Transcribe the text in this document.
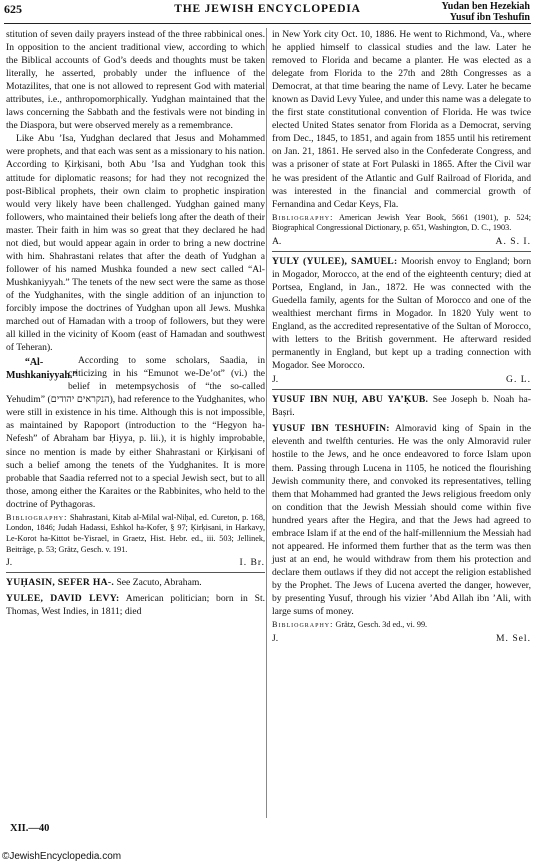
625	THE JEWISH ENCYCLOPEDIA	Yudan ben Hezekiah
Yusuf ibn Teshufin

stitution of seven daily prayers instead of the three rabbinical ones. In opposition to the ancient traditional view, according to which the Biblical accounts of God’s deeds and thoughts must be taken literally, he asserted, probably under the influence of the Motazilites, that one is not allowed to represent God with material attributes, i.e., anthropomorphically. Yudghan maintained that the laws concerning the Sabbath and the festivals were not binding in the Diaspora, but were observed merely as a remembrance.

Like Abu ’Isa, Yudghan declared that Jesus and Mohammed were prophets, and that each was sent as a missionary to his nation. According to Ḳirḳisani, both Abu ’Isa and Yudghan took this attitude for diplomatic reasons; for had they not recognized the post-Biblical prophets, their own claim to prophetic inspiration would very likely have been challenged. Yudghan gained many followers, who maintained their beliefs long after the death of their master. Their faith in him was so great that they declared he had not died, but would appear again in order to bring a new doctrine with him. Shahrastani relates that after the death of Yudghan a follower of his named Mushka founded a new sect called “Al-Mushkaniyyah.” The tenets of the new sect were the same as those of the Yudghanites, with the single addition of an injunction to forcibly impose the doctrines of Yudghan upon all Jews. Mushka marched out of Hamadan with a troop of followers, but they were all killed in the vicinity of Koom (east of Hamadan and southwest of Teheran).

“Al-Mushkaniyyah.”

According to some scholars, Saadia, in criticizing in his “Emunot we-De’ot” (vi.) the belief in metempsychosis of “the so-called Yehudim” (הנקראים יהודים), had reference to the Yudghanites, who were still in existence in his time. Although this is not impossible, as maintained by Rapoport (introduction to the “Hegyon ha-Nefesh” of Abraham bar Ḥiyya, p. lii.), it is highly improbable, since no mention is made by either Shahrastani or Ḳirḳisani of such a belief among the tenets of the Yudghanites. It is more probable that Saadia referred not to a special Jewish sect, but to all those, among either the Karaites or the Rabbinites, who held to the doctrine of Pythagoras.

Bibliography: Shahrastani, Kitab al-Milal wal-Niḥal, ed. Cureton, p. 168, London, 1846; Judah Hadassi, Eshkol ha-Kofer, § 97; Ḳirḳisani, in Harkavy, Le-Korot ha-Kittot be-Yisrael, in Graetz, Hist. Hebr. ed., iii. 503; Jellinek, Beiträge, p. 53; Grätz, Gesch. v. 191.

J.	I. Br.

YUḤASIN, SEFER HA-. See Zacuto, Abraham.

YULEE, DAVID LEVY: American politician; born in St. Thomas, West Indies, in 1811; died

in New York city Oct. 10, 1886. He went to Richmond, Va., where he applied himself to classical studies and the law. Later he removed to Florida and became a planter. He was elected as a delegate from Florida to the 27th and 28th Congresses as a Democrat, at that time bearing the name of Levy. Later he became known as David Levy Yulee, and under this name was a delegate to the first state constitutional convention of Florida. He was twice elected United States senator from Florida as a Democrat, serving from Dec., 1845, to 1851, and again from 1855 until his retirement on Jan. 21, 1861. He served also in the Confederate Congress, and was a prisoner of state at Fort Pulaski in 1865. After the Civil war he was president of the Atlantic and Gulf Railroad of Florida, and was interested in the financial and commercial growth of Fernandina and Cedar Keys, Fla.

Bibliography: American Jewish Year Book, 5661 (1901), p. 524; Biographical Congressional Dictionary, p. 651, Washington, D. C., 1903.

A.	A. S. I.

YULY (YULEE), SAMUEL: Moorish envoy to England; born in Mogador, Morocco, at the end of the eighteenth century; died at Portsea, England, in Jan., 1872. He was connected with the Guedella family, agents for the Sultan of Morocco and one of the wealthiest merchant firms in Mogador. In 1820 Yuly went to England, as the accredited representative of the Sultan of Morocco, with letters to the British government. He afterward resided permanently in England, but kept up a trading connection with Mogador. See Morocco.

J.	G. L.

YUSUF IBN NUḤ, ABU YA’ḲUB. See Joseph b. Noah ha-Baṣri.

YUSUF IBN TESHUFIN: Almoravid king of Spain in the eleventh and twelfth centuries. He was the only Almoravid ruler hostile to the Jews, and he once endeavored to force Islam upon them. Passing through Lucena in 1105, he noticed the flourishing Jewish community there, and convoked its representatives, telling them that Mohammed had granted the Jews religious freedom only on condition that the Jewish Messiah should come within five hundred years after the Hegira, and that the Jews had agreed to embrace Islam if at the end of the half-millennium the Messiah had not appeared. He informed them further that as the term was then just at an end, he would withdraw from them his protection and declare them outlaws if they did not accept the religion established by the Prophet. The Jews of Lucena averted the danger, however, by presenting Yusuf, through his vizier ’Abd Allah ibn ’Ali, with large sums of money.

Bibliography: Grätz, Gesch. 3d ed., vi. 99.

J.	M. Sel.
XII.—40
©JewishEncyclopedia.com
